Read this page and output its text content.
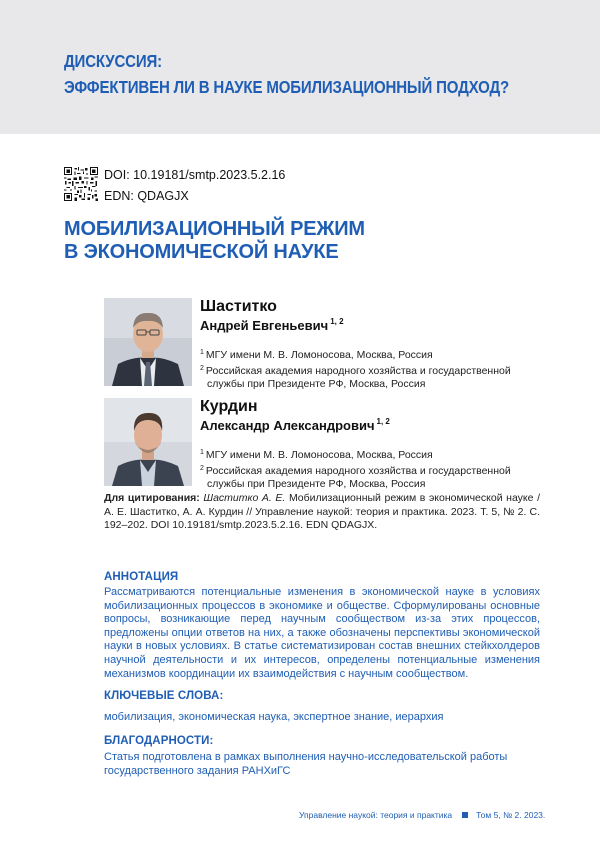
ДИСКУССИЯ:
ЭФФЕКТИВЕН ЛИ В НАУКЕ МОБИЛИЗАЦИОННЫЙ ПОДХОД?
DOI: 10.19181/smtp.2023.5.2.16
EDN: QDAGJX
МОБИЛИЗАЦИОННЫЙ РЕЖИМ
В ЭКОНОМИЧЕСКОЙ НАУКЕ
Шаститко
Андрей Евгеньевич $^{1, 2}$
$^1$ МГУ имени М. В. Ломоносова, Москва, Россия
$^2$ Российская академия народного хозяйства и государственной
службы при Президенте РФ, Москва, Россия
Курдин
Александр Александрович $^{1, 2}$
$^1$ МГУ имени М. В. Ломоносова, Москва, Россия
$^2$ Российская академия народного хозяйства и государственной
службы при Президенте РФ, Москва, Россия
Для цитирования: Шаститко А. Е. Мобилизационный режим в экономической науке / А. Е. Шаститко, А. А. Курдин // Управление наукой: теория и практика. 2023. Т. 5, № 2. С. 192–202. DOI 10.19181/smtp.2023.5.2.16. EDN QDAGJX.
АННОТАЦИЯ
Рассматриваются потенциальные изменения в экономической науке в условиях мобилизационных процессов в экономике и обществе. Сформулированы основные вопросы, возникающие перед научным сообществом из-за этих процессов, предложены опции ответов на них, а также обозначены перспективы экономической науки в новых условиях. В статье систематизирован состав внешних стейкхолдеров научной деятельности и их интересов, определены потенциальные изменения механизмов координации их взаимодействия с научным сообществом.
КЛЮЧЕВЫЕ СЛОВА:
мобилизация, экономическая наука, экспертное знание, иерархия
БЛАГОДАРНОСТИ:
Статья подготовлена в рамках выполнения научно-исследовательской работы государственного задания РАНХиГС
Управление наукой: теория и практика	Том 5, № 2. 2023.
